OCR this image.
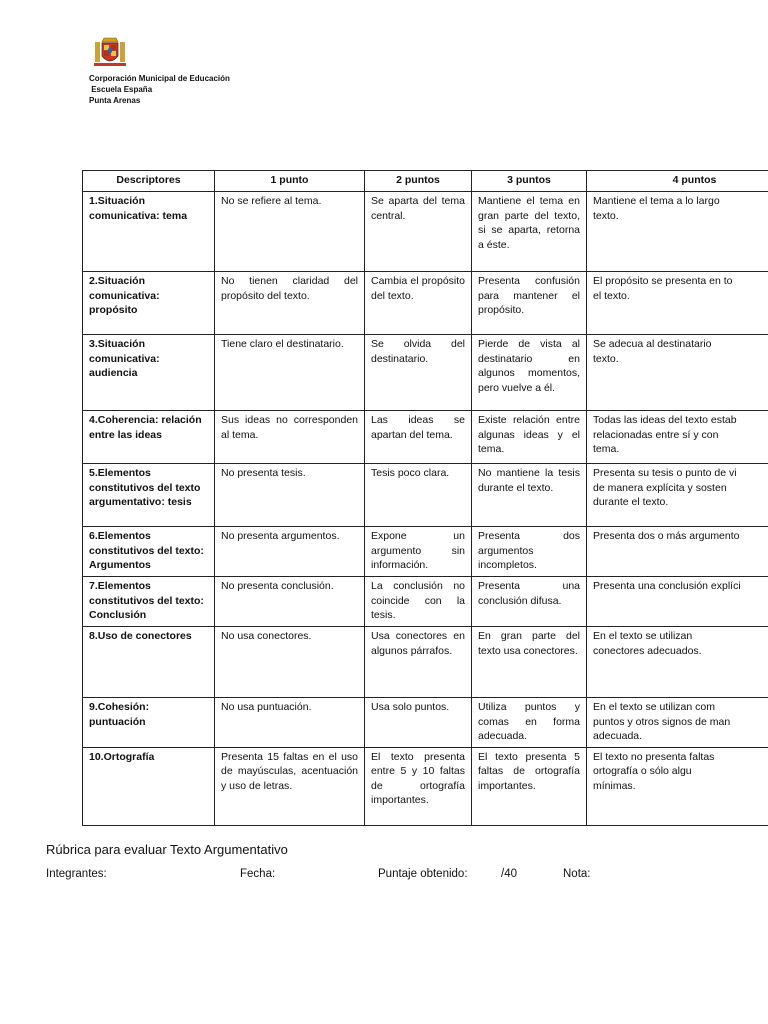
Corporación Municipal de Educación
Escuela España
Punta Arenas
Descriptores	1 punto	2 puntos	3 puntos	4 puntos
1.Situación comunicativa: tema	No se refiere al tema.	Se aparta del tema central.	Mantiene el tema en gran parte del texto, si se aparta, retorna a éste.	Mantiene el tema a lo largo
texto.
2.Situación comunicativa: propósito	No tienen claridad del propósito del texto.	Cambia el propósito del texto.	Presenta confusión para mantener el propósito.	El propósito se presenta en to
el texto.
3.Situación comunicativa: audiencia	Tiene claro el destinatario.	Se olvida del destinatario.	Pierde de vista al destinatario en algunos momentos, pero vuelve a él.	Se adecua al destinatario
texto.
4.Coherencia: relación entre las ideas	Sus ideas no corresponden al tema.	Las ideas se apartan del tema.	Existe relación entre algunas ideas y el tema.	Todas las ideas del texto estab
relacionadas entre sí y con
tema.
5.Elementos constitutivos del texto argumentativo: tesis	No presenta tesis.	Tesis poco clara.	No mantiene la tesis durante el texto.	Presenta su tesis o punto de vi
de manera explícita y sosten
durante el texto.
6.Elementos constitutivos del texto: Argumentos	No presenta argumentos.	Expone un argumento sin información.	Presenta dos argumentos incompletos.	Presenta dos o más argumento
7.Elementos constitutivos del texto: Conclusión	No presenta conclusión.	La conclusión no coincide con la tesis.	Presenta una conclusión difusa.	Presenta una conclusión explíci
8.Uso de conectores	No usa conectores.	Usa conectores en algunos párrafos.	En gran parte del texto usa conectores.	En el texto se utilizan
conectores adecuados.
9.Cohesión: puntuación	No usa puntuación.	Usa solo puntos.	Utiliza puntos y comas en forma adecuada.	En el texto se utilizan com
puntos y otros signos de man
adecuada.
10.Ortografía	Presenta 15 faltas en el uso de mayúsculas, acentuación y uso de letras.	El texto presenta entre 5 y 10 faltas de ortografía importantes.	El texto presenta 5 faltas de ortografía importantes.	El texto no presenta faltas
ortografía o sólo algu
mínimas.
Rúbrica para evaluar Texto Argumentativo
Integrantes:	Fecha:	Puntaje obtenido:	/40	Nota:
